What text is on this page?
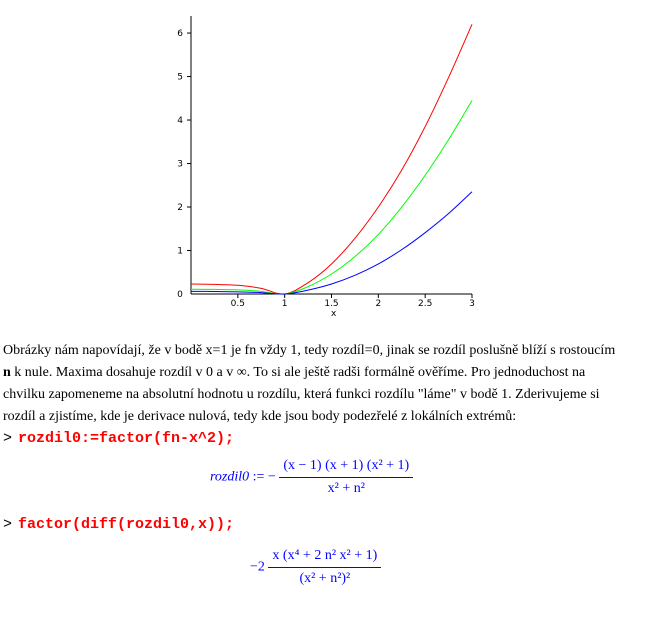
0
0.5	1	1.5	2	2.5	3
1
2
3
4
5
6
x
Obrázky nám napovídají, že v bodě x=1 je fn vždy 1, tedy rozdíl=0, jinak se rozdíl poslušně blíží s rostoucím
n k nule. Maxima dosahuje rozdíl v 0 a v ∞. To si ale ještě radši formálně ověříme. Pro jednoduchost na
chvilku zapomeneme na absolutní hodnotu u rozdílu, která funkci rozdílu "láme" v bodě 1. Zderivujeme si
rozdíl a zjistíme, kde je derivace nulová, tedy kde jsou body podezřelé z lokálních extrémů:
> rozdil0:=factor(fn-x^2);
rozdil0 := − $\frac{\text{(x − 1) (x + 1) (x² + 1)}}{\text{x² + n²}}$
> factor(diff(rozdil0,x));
$-2 \frac{\text{x (x⁴ + 2 n² x² + 1)}}{\text{(x² + n²)²}}$
